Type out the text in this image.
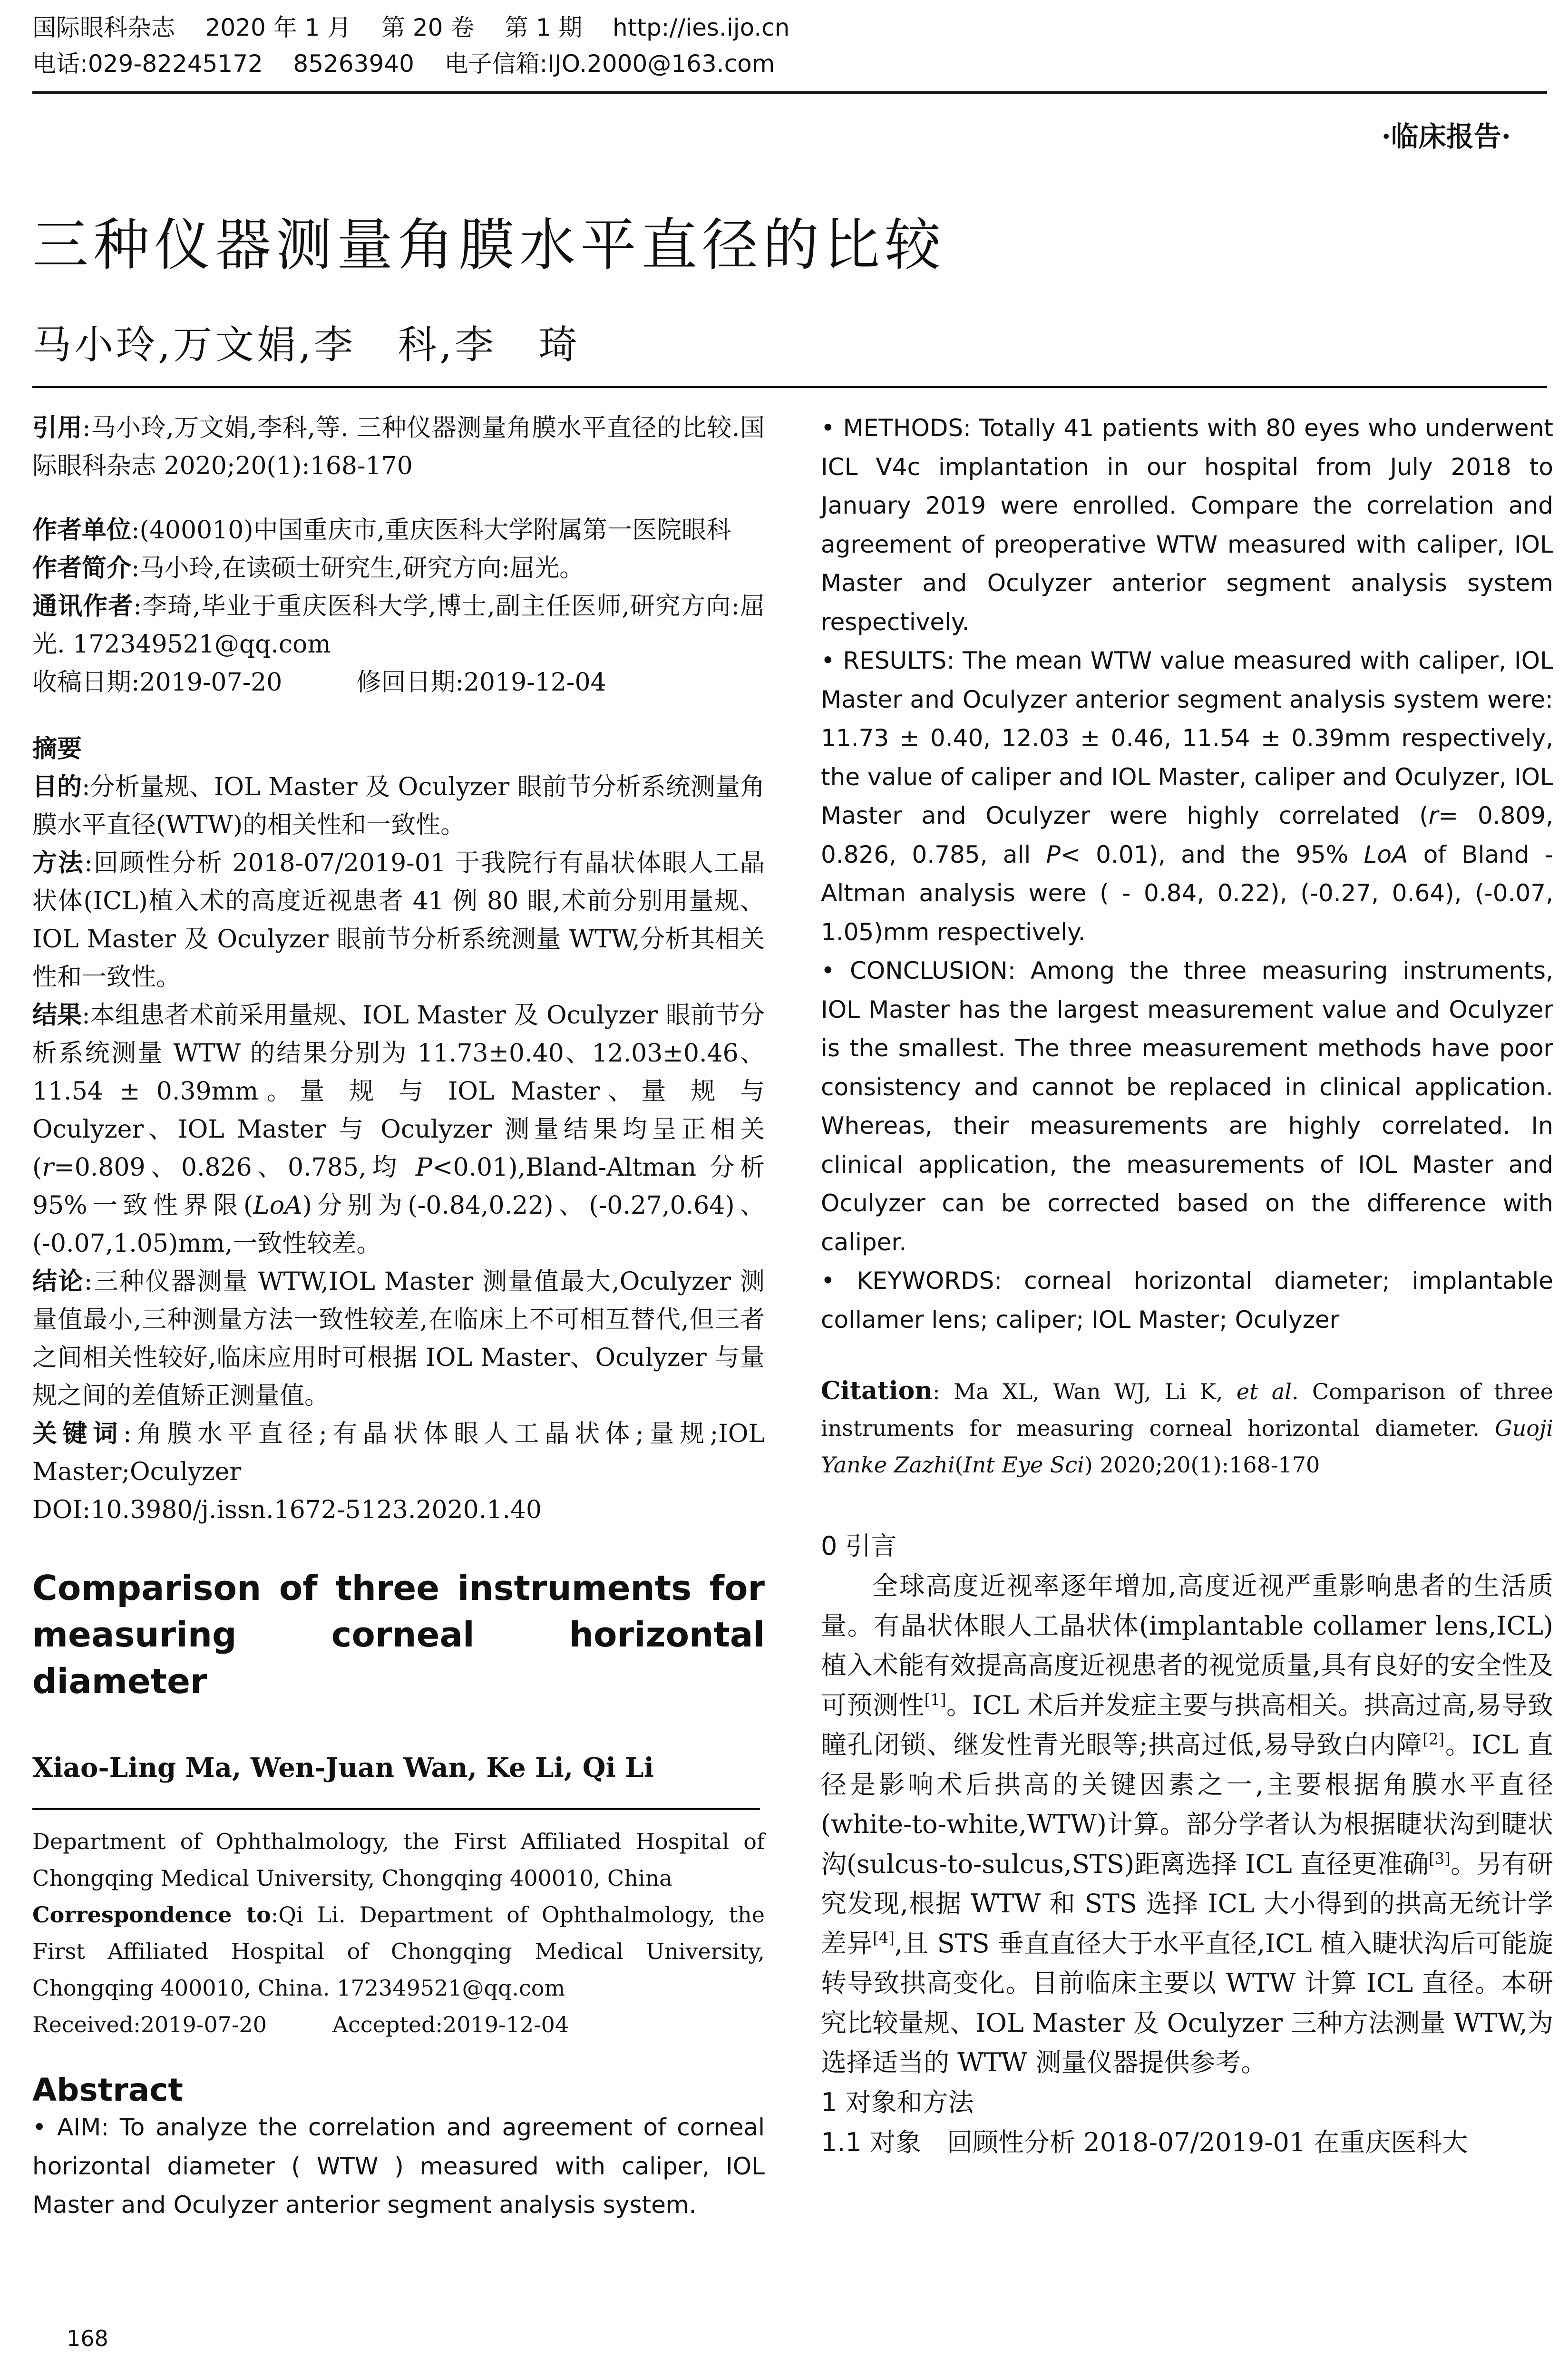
国际眼科杂志    2020 年 1 月    第 20 卷    第 1 期    http://ies.ijo.cn
电话:029-82245172    85263940    电子信箱:IJO.2000@163.com
·临床报告·
三种仪器测量角膜水平直径的比较
马小玲,万文娟,李　科,李　琦

引用:马小玲,万文娟,李科,等. 三种仪器测量角膜水平直径的比较.国际眼科杂志 2020;20(1):168-170

作者单位:(400010)中国重庆市,重庆医科大学附属第一医院眼科

作者简介:马小玲,在读硕士研究生,研究方向:屈光。

通讯作者:李琦,毕业于重庆医科大学,博士,副主任医师,研究方向:屈光. 172349521@qq.com

收稿日期:2019-07-20　　　修回日期:2019-12-04

摘要

目的:分析量规、IOL Master 及 Oculyzer 眼前节分析系统测量角膜水平直径(WTW)的相关性和一致性。

方法:回顾性分析 2018-07/2019-01 于我院行有晶状体眼人工晶状体(ICL)植入术的高度近视患者 41 例 80 眼,术前分别用量规、IOL Master 及 Oculyzer 眼前节分析系统测量 WTW,分析其相关性和一致性。

结果:本组患者术前采用量规、IOL Master 及 Oculyzer 眼前节分析系统测量 WTW 的结果分别为 11.73±0.40、12.03±0.46、11.54 ± 0.39mm。量 规 与 IOL Master、量 规 与 Oculyzer、IOL Master 与 Oculyzer 测量结果均呈正相关(r=0.809、0.826、0.785,均 P<0.01),Bland-Altman 分析 95%一致性界限(LoA)分别为(-0.84,0.22)、(-0.27,0.64)、(-0.07,1.05)mm,一致性较差。

结论:三种仪器测量 WTW,IOL Master 测量值最大,Oculyzer 测量值最小,三种测量方法一致性较差,在临床上不可相互替代,但三者之间相关性较好,临床应用时可根据 IOL Master、Oculyzer 与量规之间的差值矫正测量值。

关键词:角膜水平直径;有晶状体眼人工晶状体;量规;IOL Master;Oculyzer

DOI:10.3980/j.issn.1672-5123.2020.1.40

Comparison of three instruments for measuring corneal horizontal diameter

Xiao-Ling Ma, Wen-Juan Wan, Ke Li, Qi Li

Department of Ophthalmology, the First Affiliated Hospital of Chongqing Medical University, Chongqing 400010, China

Correspondence to:Qi Li. Department of Ophthalmology, the First Affiliated Hospital of Chongqing Medical University, Chongqing 400010, China. 172349521@qq.com

Received:2019-07-20　　　Accepted:2019-12-04

Abstract

• AIM: To analyze the correlation and agreement of corneal horizontal diameter ( WTW ) measured with caliper, IOL Master and Oculyzer anterior segment analysis system.

• METHODS: Totally 41 patients with 80 eyes who underwent ICL V4c implantation in our hospital from July 2018 to January 2019 were enrolled. Compare the correlation and agreement of preoperative WTW measured with caliper, IOL Master and Oculyzer anterior segment analysis system respectively.

• RESULTS: The mean WTW value measured with caliper, IOL Master and Oculyzer anterior segment analysis system were: 11.73 ± 0.40, 12.03 ± 0.46, 11.54 ± 0.39mm respectively, the value of caliper and IOL Master, caliper and Oculyzer, IOL Master and Oculyzer were highly correlated (r= 0.809, 0.826, 0.785, all P< 0.01), and the 95% LoA of Bland - Altman analysis were ( - 0.84, 0.22), (-0.27, 0.64), (-0.07, 1.05)mm respectively.

• CONCLUSION: Among the three measuring instruments, IOL Master has the largest measurement value and Oculyzer is the smallest. The three measurement methods have poor consistency and cannot be replaced in clinical application. Whereas, their measurements are highly correlated. In clinical application, the measurements of IOL Master and Oculyzer can be corrected based on the difference with caliper.

• KEYWORDS: corneal horizontal diameter; implantable collamer lens; caliper; IOL Master; Oculyzer

Citation: Ma XL, Wan WJ, Li K, et al. Comparison of three instruments for measuring corneal horizontal diameter. Guoji Yanke Zazhi(Int Eye Sci) 2020;20(1):168-170

0 引言

全球高度近视率逐年增加,高度近视严重影响患者的生活质量。有晶状体眼人工晶状体(implantable collamer lens,ICL)植入术能有效提高高度近视患者的视觉质量,具有良好的安全性及可预测性[1]。ICL 术后并发症主要与拱高相关。拱高过高,易导致瞳孔闭锁、继发性青光眼等;拱高过低,易导致白内障[2]。ICL 直径是影响术后拱高的关键因素之一,主要根据角膜水平直径(white-to-white,WTW)计算。部分学者认为根据睫状沟到睫状沟(sulcus-to-sulcus,STS)距离选择 ICL 直径更准确[3]。另有研究发现,根据 WTW 和 STS 选择 ICL 大小得到的拱高无统计学差异[4],且 STS 垂直直径大于水平直径,ICL 植入睫状沟后可能旋转导致拱高变化。目前临床主要以 WTW 计算 ICL 直径。本研究比较量规、IOL Master 及 Oculyzer 三种方法测量 WTW,为选择适当的 WTW 测量仪器提供参考。

1 对象和方法

1.1 对象　回顾性分析 2018-07/2019-01 在重庆医科大

168
